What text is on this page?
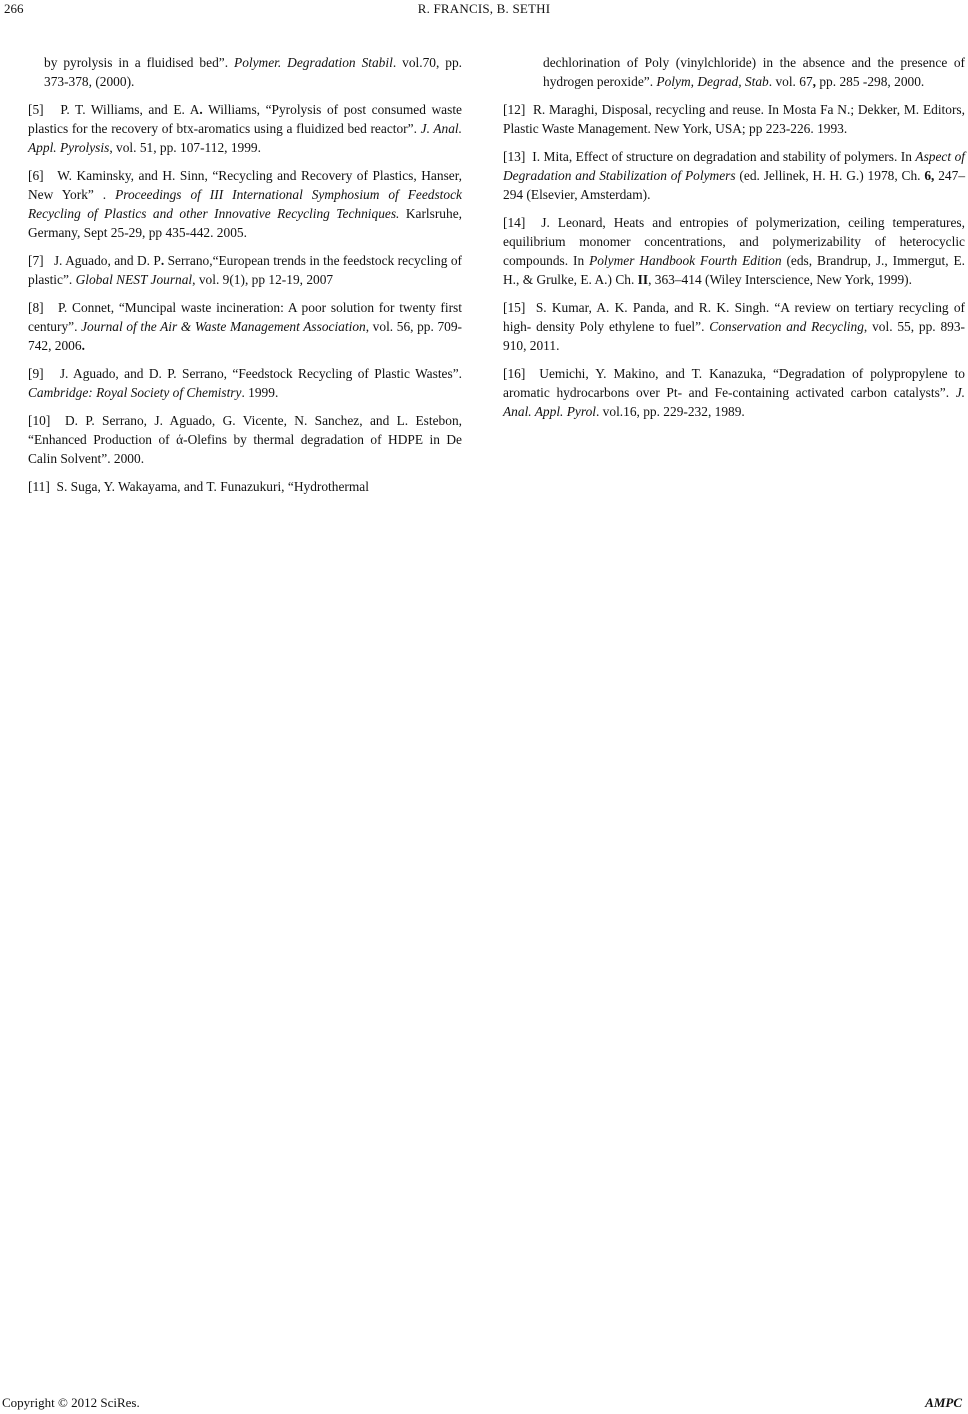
266	R. FRANCIS, B. SETHI
by pyrolysis in a fluidised bed”. Polymer. Degradation Stabil. vol.70, pp. 373-378, (2000).
[5] P. T. Williams, and E. A. Williams, “Pyrolysis of post consumed waste plastics for the recovery of btx-aromatics using a fluidized bed reactor”. J. Anal. Appl. Pyrolysis, vol. 51, pp. 107-112, 1999.
[6] W. Kaminsky, and H. Sinn, “Recycling and Recovery of Plastics, Hanser, New York” . Proceedings of III International Symphosium of Feedstock Recycling of Plastics and other Innovative Recycling Techniques. Karlsruhe, Germany, Sept 25-29, pp 435-442. 2005.
[7] J. Aguado, and D. P. Serrano,“European trends in the feedstock recycling of plastic”. Global NEST Journal, vol. 9(1), pp 12-19, 2007
[8] P. Connet, “Muncipal waste incineration: A poor solution for twenty first century”. Journal of the Air & Waste Management Association, vol. 56, pp. 709-742, 2006.
[9] J. Aguado, and D. P. Serrano, “Feedstock Recycling of Plastic Wastes”. Cambridge: Royal Society of Chemistry. 1999.
[10] D. P. Serrano, J. Aguado, G. Vicente, N. Sanchez, and L. Estebon, “Enhanced Production of ά-Olefins by thermal degradation of HDPE in De Calin Solvent”. 2000.
[11] S. Suga, Y. Wakayama, and T. Funazukuri, “Hydrothermal
dechlorination of Poly (vinylchloride) in the absence and the presence of hydrogen peroxide”. Polym, Degrad, Stab. vol. 67, pp. 285 -298, 2000.
[12] R. Maraghi, Disposal, recycling and reuse. In Mosta Fa N.; Dekker, M. Editors, Plastic Waste Management. New York, USA; pp 223-226. 1993.
[13] I. Mita, Effect of structure on degradation and stability of polymers. In Aspect of Degradation and Stabilization of Polymers (ed. Jellinek, H. H. G.) 1978, Ch. 6, 247–294 (Elsevier, Amsterdam).
[14] J. Leonard, Heats and entropies of polymerization, ceiling temperatures, equilibrium monomer concentrations, and polymerizability of heterocyclic compounds. In Polymer Handbook Fourth Edition (eds, Brandrup, J., Immergut, E. H., & Grulke, E. A.) Ch. II, 363–414 (Wiley Interscience, New York, 1999).
[15] S. Kumar, A. K. Panda, and R. K. Singh. “A review on tertiary recycling of high- density Poly ethylene to fuel”. Conservation and Recycling, vol. 55, pp. 893-910, 2011.
[16] Uemichi, Y. Makino, and T. Kanazuka, “Degradation of polypropylene to aromatic hydrocarbons over Pt- and Fe-containing activated carbon catalysts”. J. Anal. Appl. Pyrol. vol.16, pp. 229-232, 1989.
Copyright © 2012 SciRes.	AMPC
